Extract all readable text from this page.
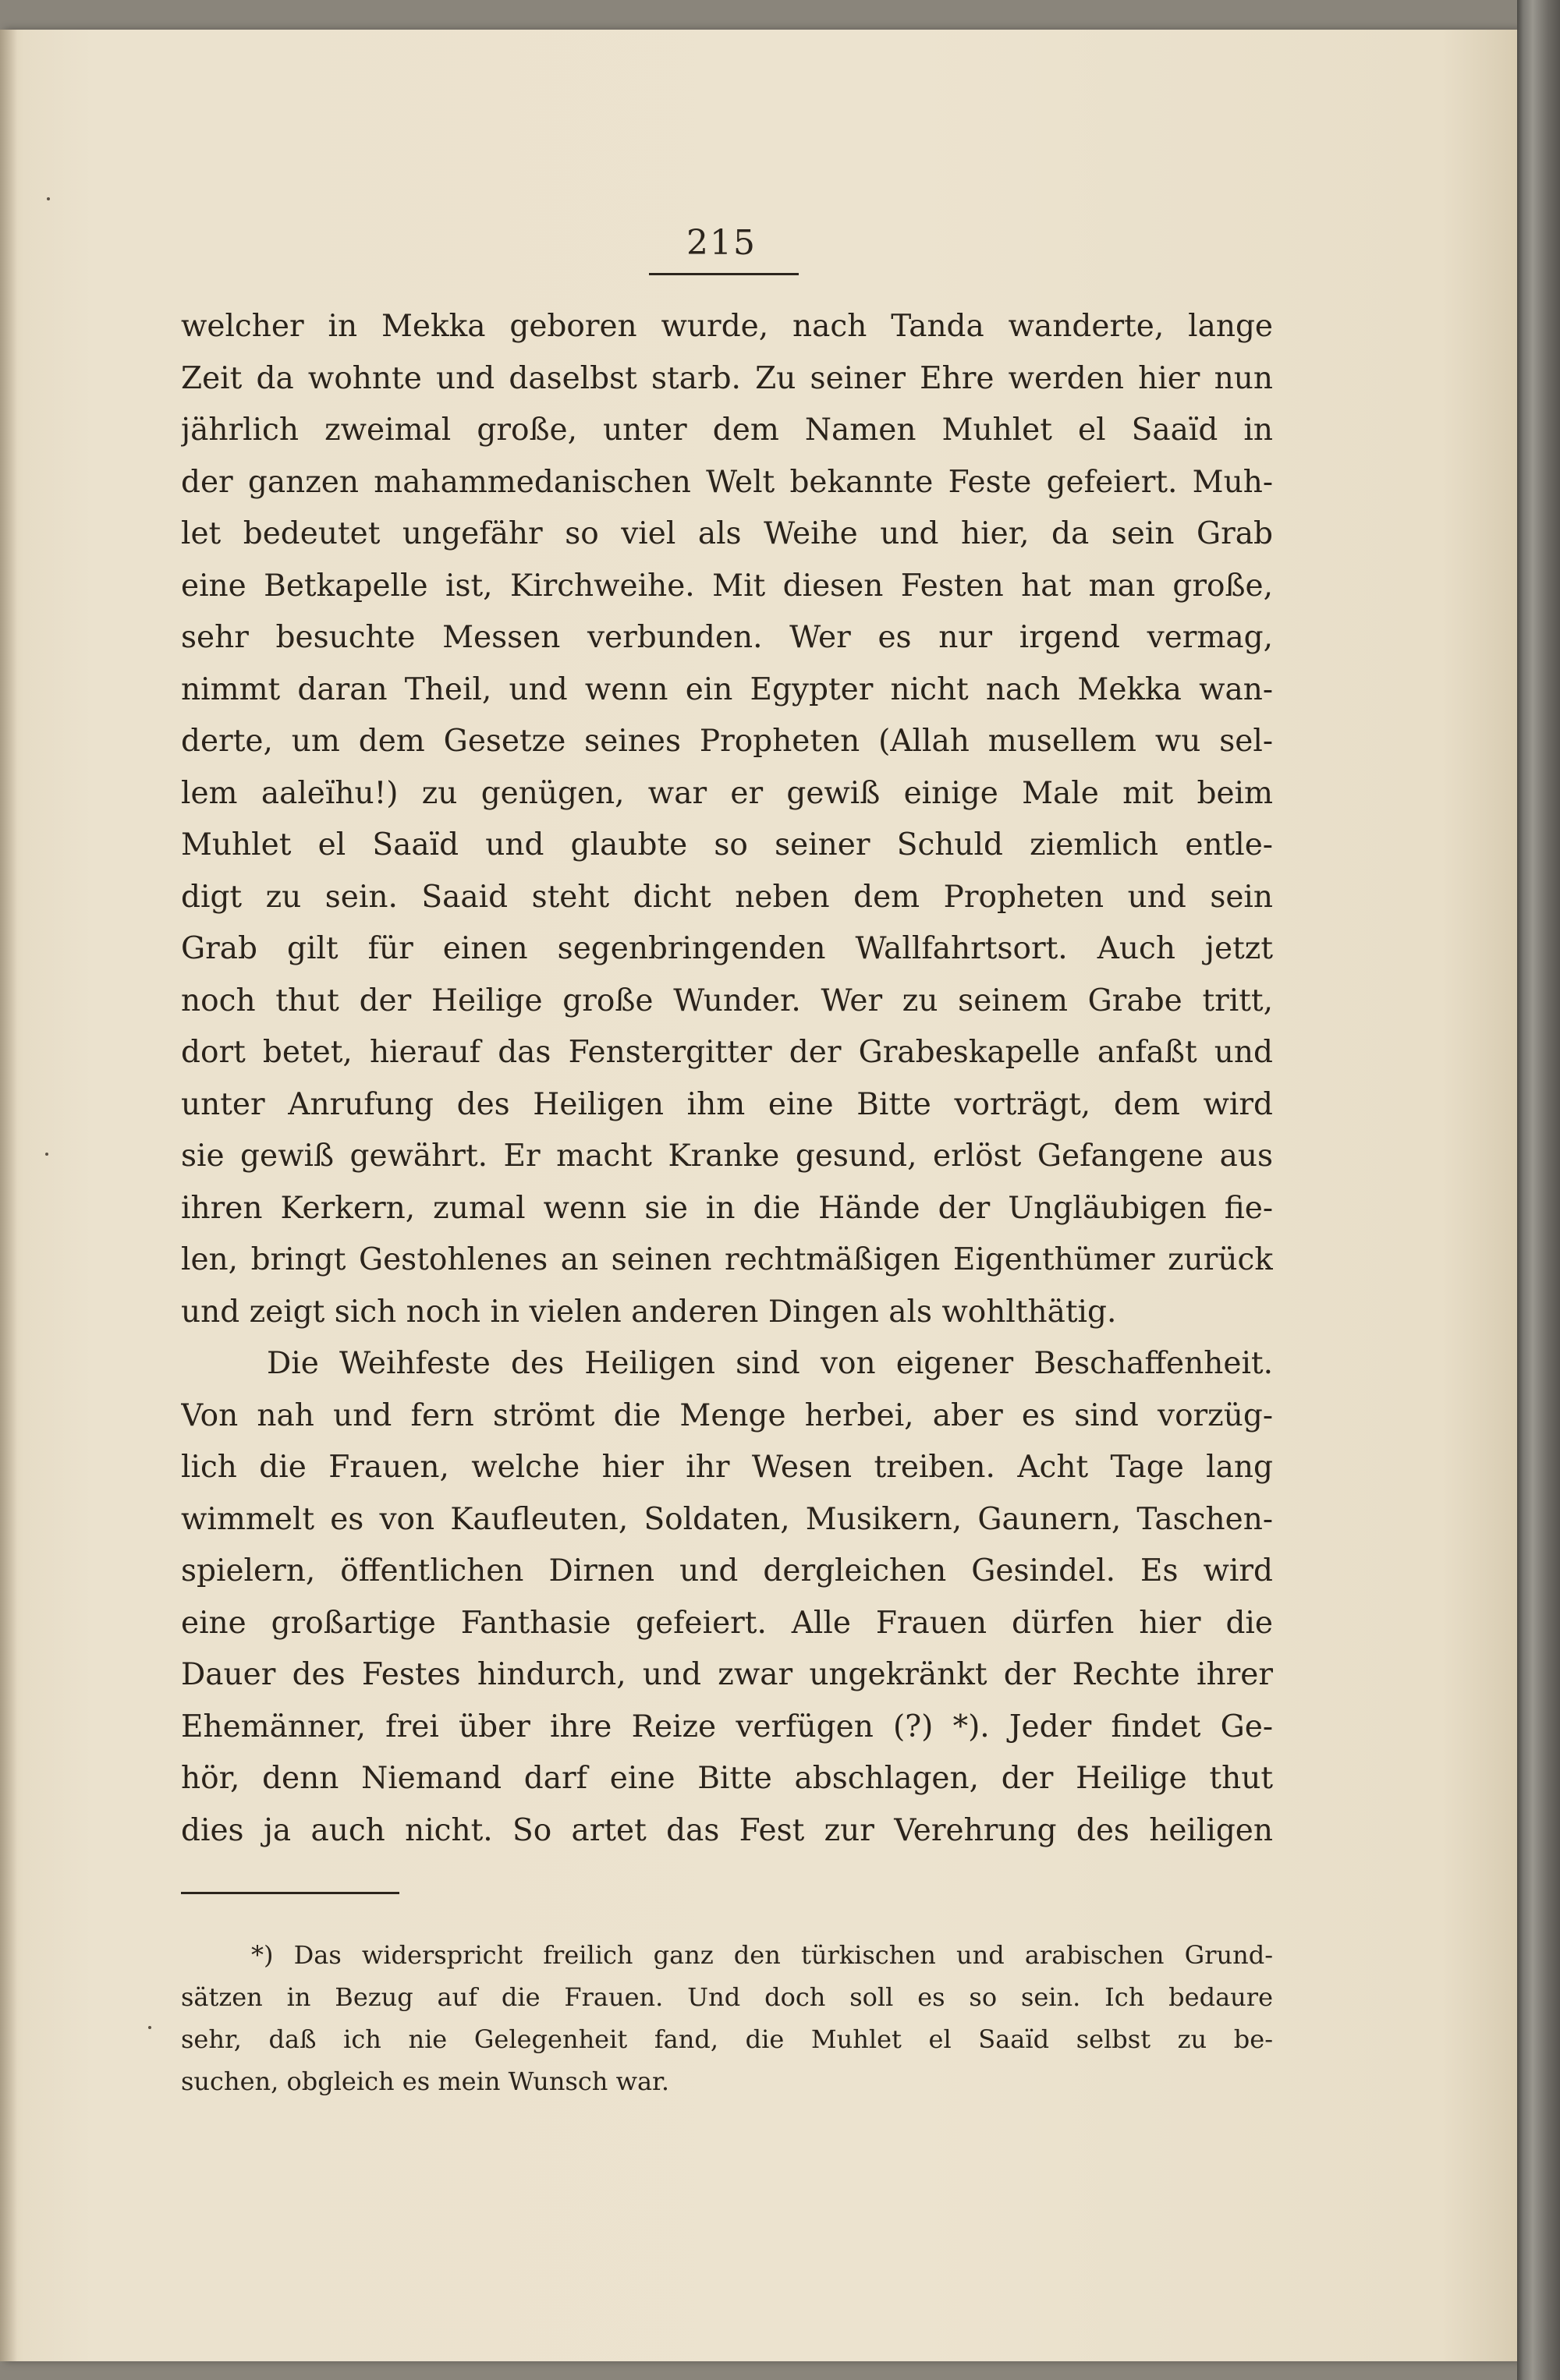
215
welcher in Mekka geboren wurde, nach Tanda wanderte, lange
Zeit da wohnte und daselbst starb. Zu seiner Ehre werden hier nun
jährlich zweimal große, unter dem Namen Muhlet el Saaïd in
der ganzen mahammedanischen Welt bekannte Feste gefeiert. Muh-
let bedeutet ungefähr so viel als Weihe und hier, da sein Grab
eine Betkapelle ist, Kirchweihe. Mit diesen Festen hat man große,
sehr besuchte Messen verbunden. Wer es nur irgend vermag,
nimmt daran Theil, und wenn ein Egypter nicht nach Mekka wan-
derte, um dem Gesetze seines Propheten (Allah musellem wu sel-
lem aaleïhu!) zu genügen, war er gewiß einige Male mit beim
Muhlet el Saaïd und glaubte so seiner Schuld ziemlich entle-
digt zu sein. Saaid steht dicht neben dem Propheten und sein
Grab gilt für einen segenbringenden Wallfahrtsort. Auch jetzt
noch thut der Heilige große Wunder. Wer zu seinem Grabe tritt,
dort betet, hierauf das Fenstergitter der Grabeskapelle anfaßt und
unter Anrufung des Heiligen ihm eine Bitte vorträgt, dem wird
sie gewiß gewährt. Er macht Kranke gesund, erlöst Gefangene aus
ihren Kerkern, zumal wenn sie in die Hände der Ungläubigen fie-
len, bringt Gestohlenes an seinen rechtmäßigen Eigenthümer zurück
und zeigt sich noch in vielen anderen Dingen als wohlthätig.
Die Weihfeste des Heiligen sind von eigener Beschaffenheit.
Von nah und fern strömt die Menge herbei, aber es sind vorzüg-
lich die Frauen, welche hier ihr Wesen treiben. Acht Tage lang
wimmelt es von Kaufleuten, Soldaten, Musikern, Gaunern, Taschen-
spielern, öffentlichen Dirnen und dergleichen Gesindel. Es wird
eine großartige Fanthasie gefeiert. Alle Frauen dürfen hier die
Dauer des Festes hindurch, und zwar ungekränkt der Rechte ihrer
Ehemänner, frei über ihre Reize verfügen (?) *). Jeder findet Ge-
hör, denn Niemand darf eine Bitte abschlagen, der Heilige thut
dies ja auch nicht. So artet das Fest zur Verehrung des heiligen
*) Das widerspricht freilich ganz den türkischen und arabischen Grund-
sätzen in Bezug auf die Frauen. Und doch soll es so sein. Ich bedaure
sehr, daß ich nie Gelegenheit fand, die Muhlet el Saaïd selbst zu be-
suchen, obgleich es mein Wunsch war.
